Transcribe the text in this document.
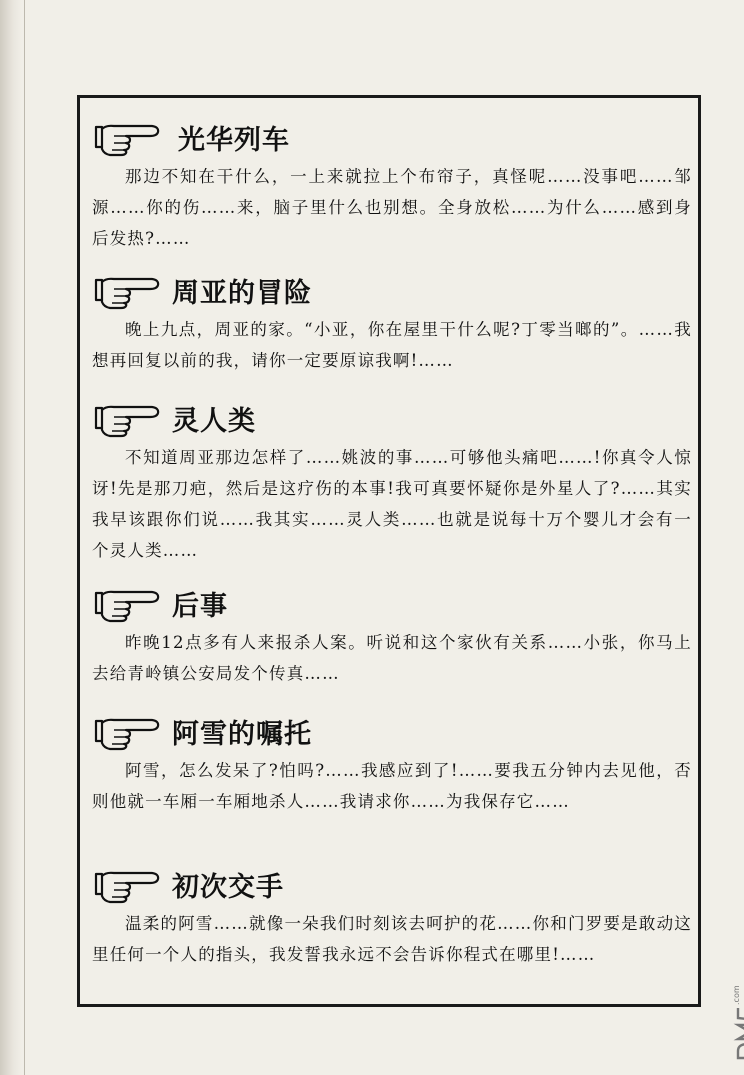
光华列车

那边不知在干什么，一上来就拉上个布帘子，真怪呢……没事吧……邹源……你的伤……来，脑子里什么也别想。全身放松……为什么……感到身后发热?……

周亚的冒险

晚上九点，周亚的家。“小亚，你在屋里干什么呢?丁零当啷的”。……我想再回复以前的我，请你一定要原谅我啊!……

灵人类

不知道周亚那边怎样了……姚波的事……可够他头痛吧……!你真令人惊讶!先是那刀疤，然后是这疗伤的本事!我可真要怀疑你是外星人了?……其实我早该跟你们说……我其实……灵人类……也就是说每十万个婴儿才会有一个灵人类……

后事

昨晚12点多有人来报杀人案。听说和这个家伙有关系……小张，你马上去给青岭镇公安局发个传真……

阿雪的嘱托

阿雪，怎么发呆了?怕吗?……我感应到了!……要我五分钟内去见他，否则他就一车厢一车厢地杀人……我请求你……为我保存它……

初次交手

温柔的阿雪……就像一朵我们时刻该去呵护的花……你和门罗要是敢动这里任何一个人的指头，我发誓我永远不会告诉你程式在哪里!……

.com
